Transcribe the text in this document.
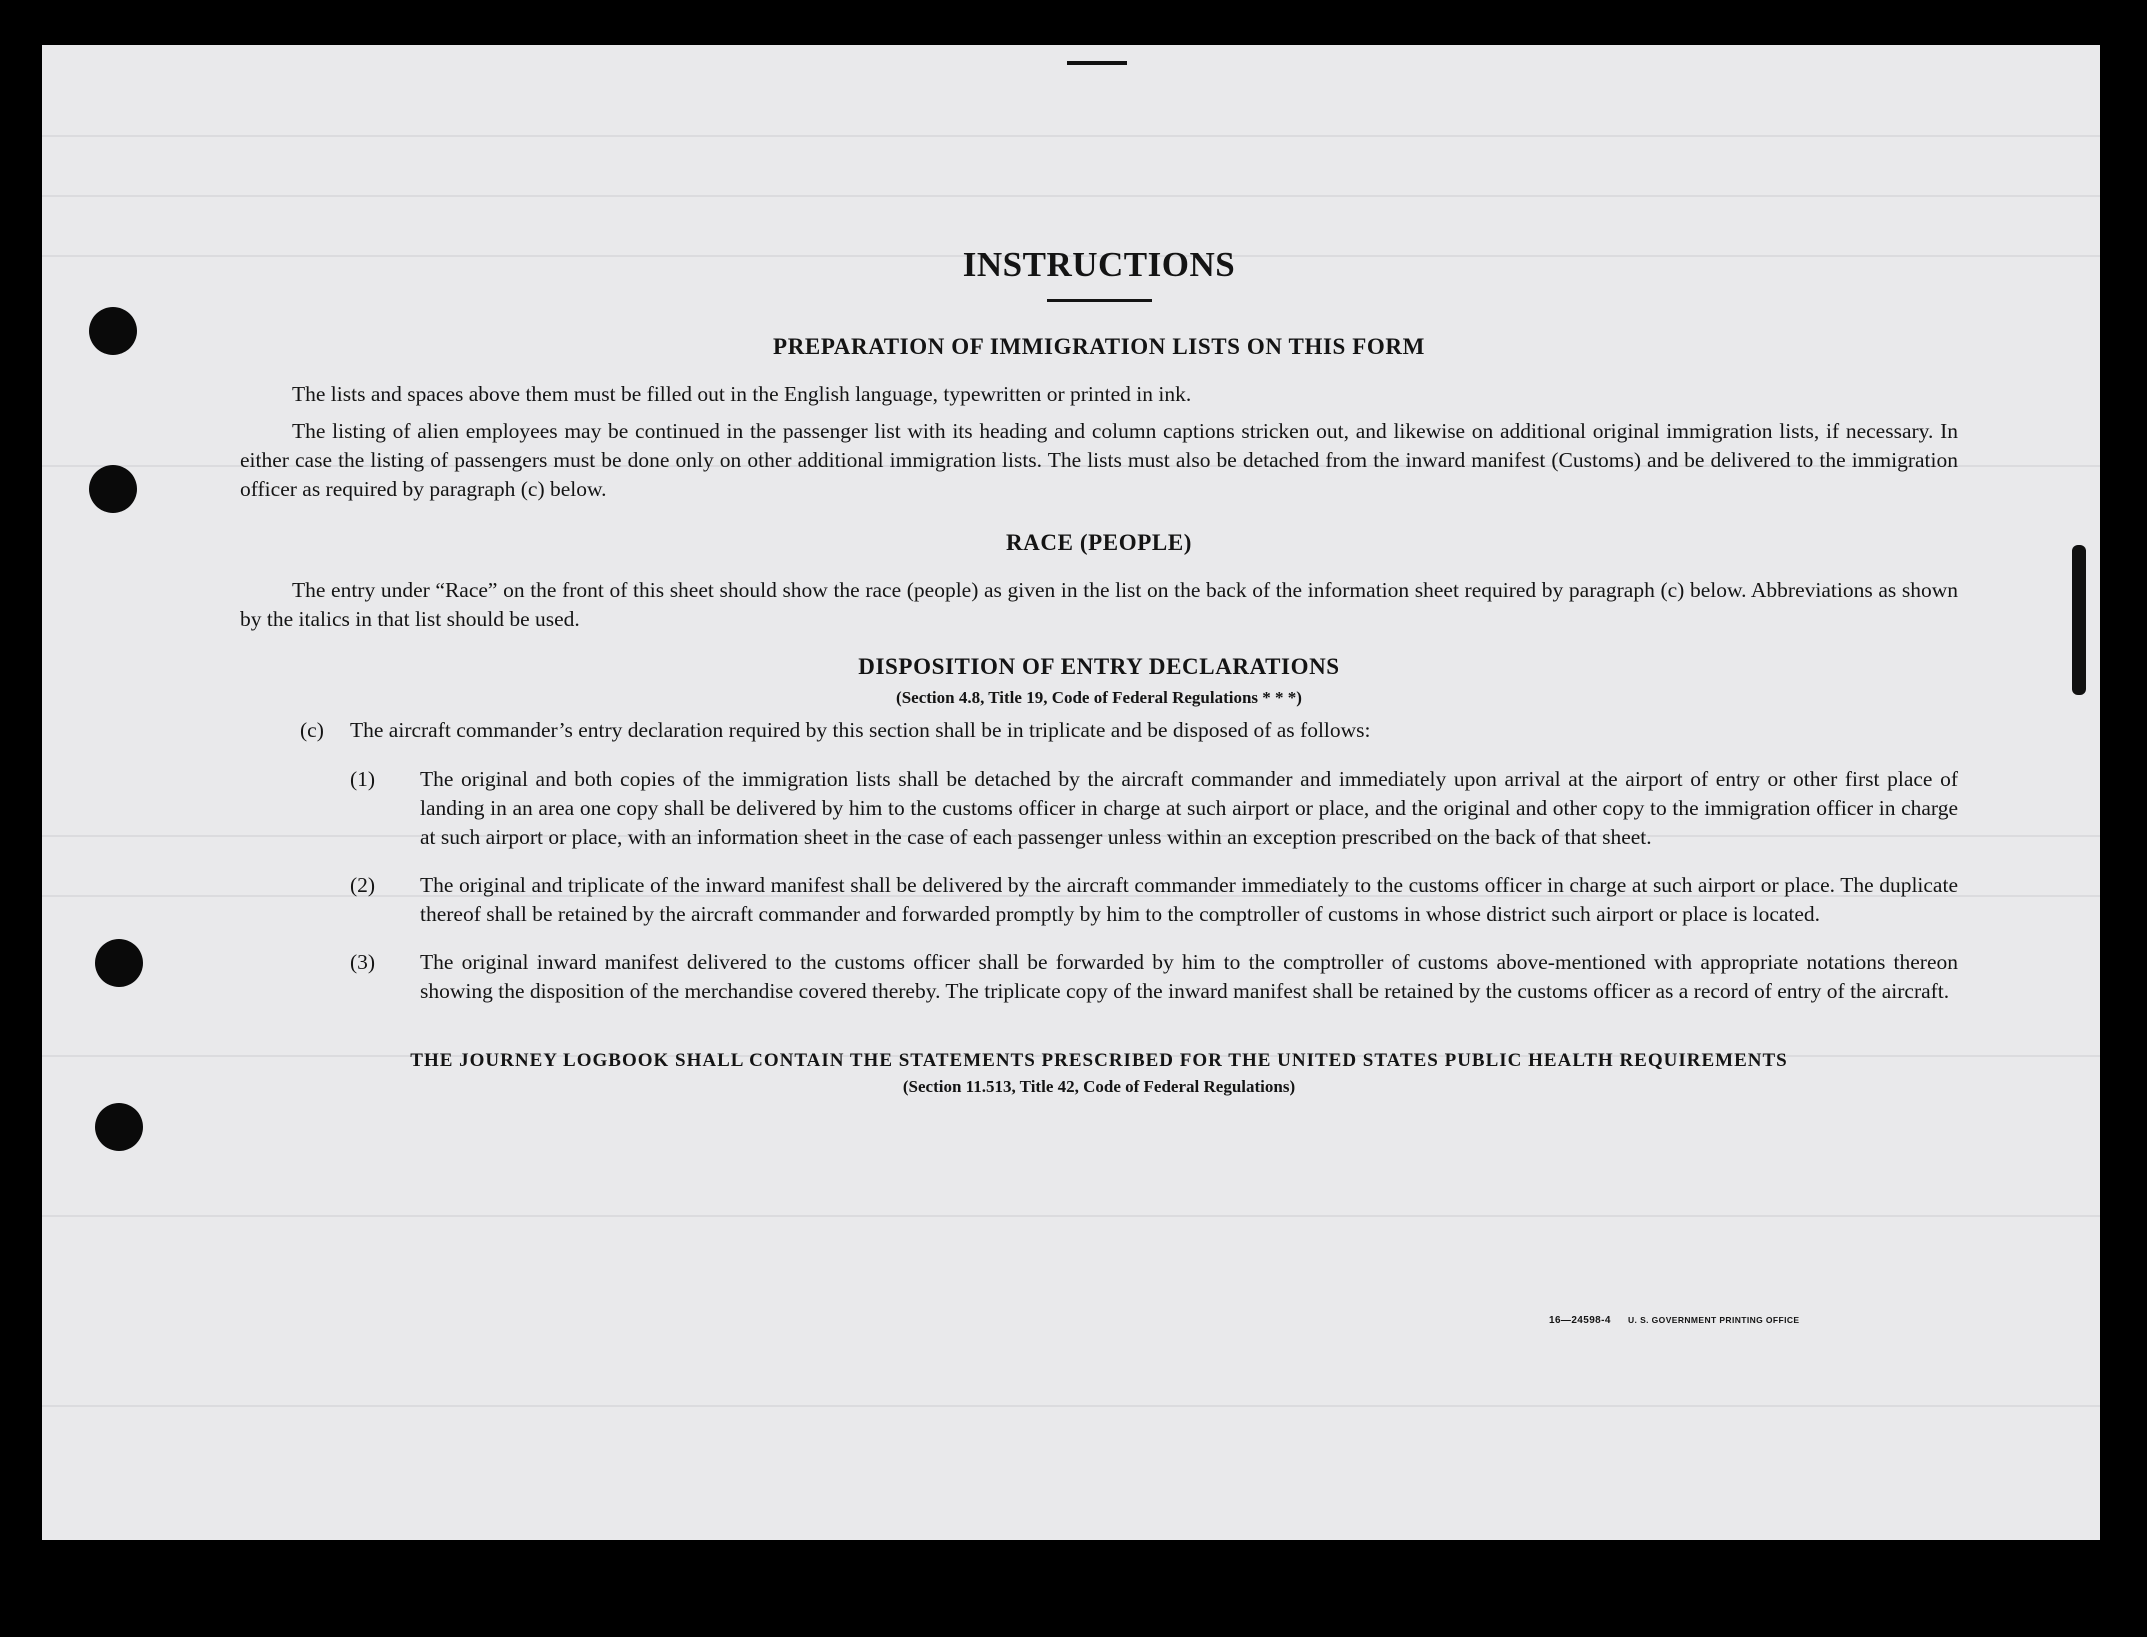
INSTRUCTIONS
PREPARATION OF IMMIGRATION LISTS ON THIS FORM

The lists and spaces above them must be filled out in the English language, typewritten or printed in ink.

The listing of alien employees may be continued in the passenger list with its heading and column captions stricken out, and likewise on additional original immigration lists, if necessary. In either case the listing of passengers must be done only on other additional immigration lists. The lists must also be detached from the inward manifest (Customs) and be delivered to the immigration officer as required by paragraph (c) below.

RACE (PEOPLE)

The entry under “Race” on the front of this sheet should show the race (people) as given in the list on the back of the information sheet required by paragraph (c) below. Abbreviations as shown by the italics in that list should be used.

DISPOSITION OF ENTRY DECLARATIONS
(Section 4.8, Title 19, Code of Federal Regulations * * *)
(c) The aircraft commander’s entry declaration required by this section shall be in triplicate and be disposed of as follows:
(1) The original and both copies of the immigration lists shall be detached by the aircraft commander and immediately upon arrival at the airport of entry or other first place of landing in an area one copy shall be delivered by him to the customs officer in charge at such airport or place, and the original and other copy to the immigration officer in charge at such airport or place, with an information sheet in the case of each passenger unless within an exception prescribed on the back of that sheet.
(2) The original and triplicate of the inward manifest shall be delivered by the aircraft commander immediately to the customs officer in charge at such airport or place. The duplicate thereof shall be retained by the aircraft commander and forwarded promptly by him to the comptroller of customs in whose district such airport or place is located.
(3) The original inward manifest delivered to the customs officer shall be forwarded by him to the comptroller of customs above-mentioned with appropriate notations thereon showing the disposition of the merchandise covered thereby. The triplicate copy of the inward manifest shall be retained by the customs officer as a record of entry of the aircraft.

THE JOURNEY LOGBOOK SHALL CONTAIN THE STATEMENTS PRESCRIBED FOR THE UNITED STATES PUBLIC HEALTH REQUIREMENTS

(Section 11.513, Title 42, Code of Federal Regulations)
16—24598-4 U. S. GOVERNMENT PRINTING OFFICE
